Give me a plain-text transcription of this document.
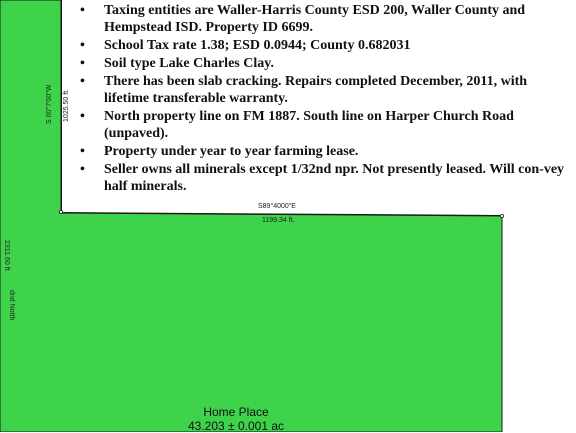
• Taxing entities are Waller-Harris County ESD 200, Waller County and Hempstead ISD. Property ID 6699.
• School Tax rate 1.38; ESD 0.0944; County 0.682031
• Soil type Lake Charles Clay.
• There has been slab cracking. Repairs completed December, 2011, with lifetime transferable warranty.
• North property line on FM 1887. South line on Harper Church Road (unpaved).
• Property under year to year farming lease.
• Seller owns all minerals except 1/32nd npr. Not presently leased. Will con-vey half minerals.
S89°4000"E
1199.34 ft.
S 00°7'00"W 1025.50 ft.
dnd Notth
2311.60 ft
Home Place
43.203 ± 0.001 ac
